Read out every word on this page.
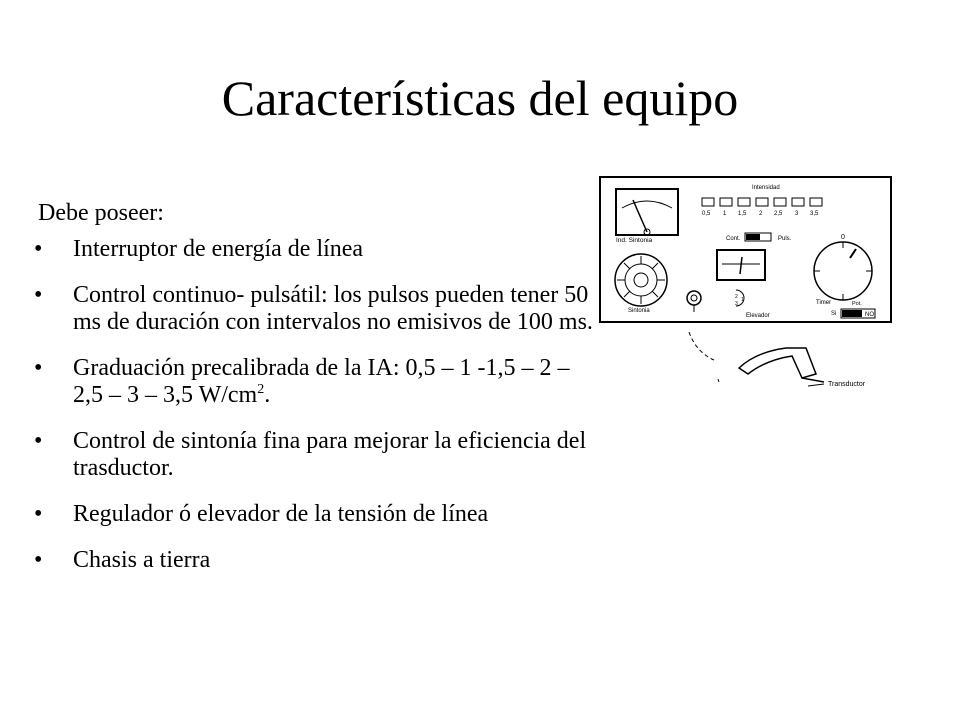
Características del equipo
Debe poseer:
• Interruptor de energía de línea
• Control continuo- pulsátil: los pulsos pueden tener 50 ms de duración con intervalos no emisivos de 100 ms.
• Graduación precalibrada de la IA: 0,5 – 1 -1,5 – 2 – 2,5 – 3 – 3,5 $W/cm^2$.
• Control de sintonía fina para mejorar la eficiencia del trasductor.
• Regulador ó elevador de la tensión de línea
• Chasis a tierra
Ind. Sintonia
Intensidad
0,5 1 1,5 2 2,5 3 3,5
Cont.	Puls.
Sintonia
2 1
3
Elevador
0
Timer	Pot.
Si	NO
Transductor
